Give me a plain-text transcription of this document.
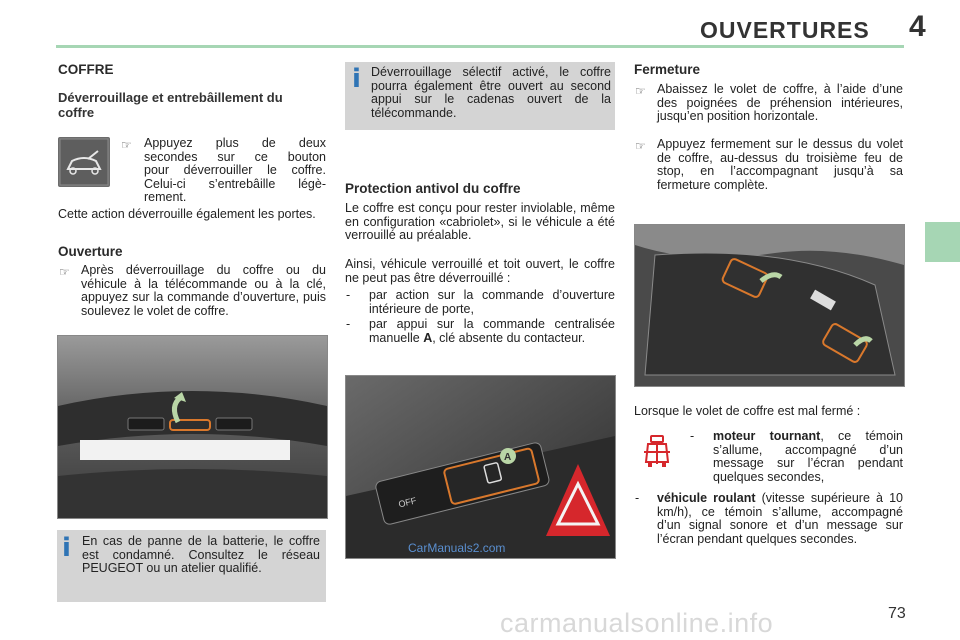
OUVERTURES 4
COFFRE
Déverrouillage et entrebâillement du coffre
☞ Appuyez plus de deux
secondes sur ce bouton
pour déverrouiller le coffre.
Celui-ci s’entrebâille légè-
rement.
Cette action déverrouille également les portes.
Ouverture
☞ Après déverrouillage du coffre ou du véhicule à la télécommande ou à la clé, appuyez sur la commande d’ouverture, puis soulevez le volet de coffre.
i En cas de panne de la batterie, le coffre est condamné. Consultez le réseau PEUGEOT ou un atelier qualifié.
i Déverrouillage sélectif activé, le coffre pourra également être ouvert au second appui sur le cadenas ouvert de la télécommande.
Protection antivol du coffre
Le coffre est conçu pour rester inviolable, même en configuration «cabriolet», si le véhicule a été verrouillé au préalable.
Ainsi, véhicule verrouillé et toit ouvert, le coffre ne peut pas être déverrouillé :
- par action sur la commande d’ouverture intérieure de porte,
- par appui sur la commande centralisée manuelle A, clé absente du contacteur.
OFF
A
CarManuals2.com
Fermeture
☞ Abaissez le volet de coffre, à l’aide d’une des poignées de préhension intérieures, jusqu’en position horizontale.
☞ Appuyez fermement sur le dessus du volet de coffre, au-dessus du troisième feu de stop, en l’accompagnant jusqu’à sa fermeture complète.
Lorsque le volet de coffre est mal fermé :
- moteur tournant, ce témoin s’allume, accompagné d’un message sur l’écran pendant quelques secondes,
- véhicule roulant (vitesse supérieure à 10 km/h), ce témoin s’allume, accompagné d’un signal sonore et d’un message sur l’écran pendant quelques secondes.
73
carmanualsonline.info
